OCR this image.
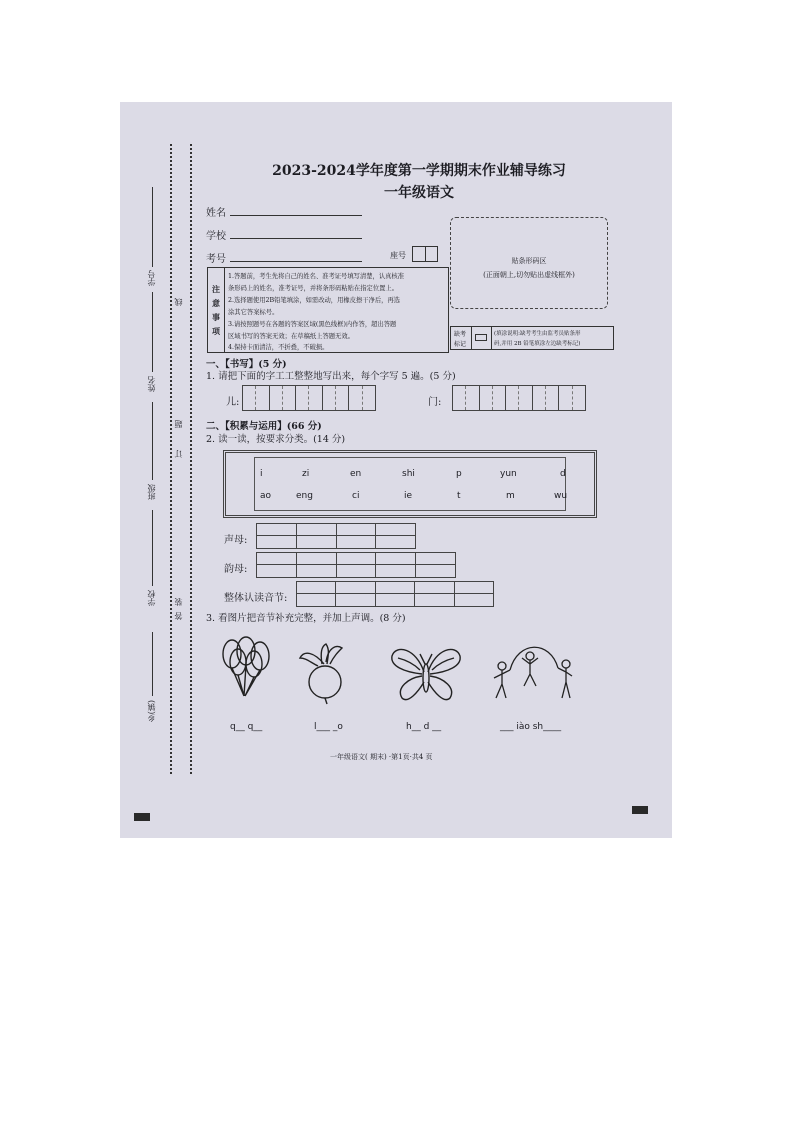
学号
姓名
班级
学校
乡(镇)
线
订
装
题
答
2023-2024学年度第一学期期末作业辅导练习
一年级语文
姓名
学校
考号	座号
注
意
事
项
1.答题前，考生先将自己的姓名、准考证号填写清楚，认真核准
条形码上的姓名，准考证号，并将条形码粘贴在指定位置上。
2.选择题使用2B铅笔填涂，如需改动，用橡皮擦干净后，再选
涂其它答案标号。
3.请按照题号在各题的答案区域(黑色线框)内作答，超出答题
区域书写的答案无效；在草稿纸上答题无效。
4.保持卡面清洁，不折叠，不破损。
贴条形码区
(正面朝上,切勿贴出虚线框外)
缺考
标记
(填涂说明:缺考考生由监考员贴条形
码,并用 2B 铅笔填涂左边缺考标记)
一、【书写】(5 分)
1. 请把下面的字工工整整地写出来，每个字写 5 遍。(5 分)
儿:	门:
二、【积累与运用】(66 分)
2. 读一读，按要求分类。(14 分)
i	zi	en	shi	p	yun	d
ao	eng	ci	ie	t	m	wu
声母:
韵母:
整体认读音节:
3. 看图片把音节补充完整，并加上声调。(8 分)
q__ q__	l___ _o	h__ d __	___ iào sh____
一年级语文( 期末) ·第1页·共4 页
